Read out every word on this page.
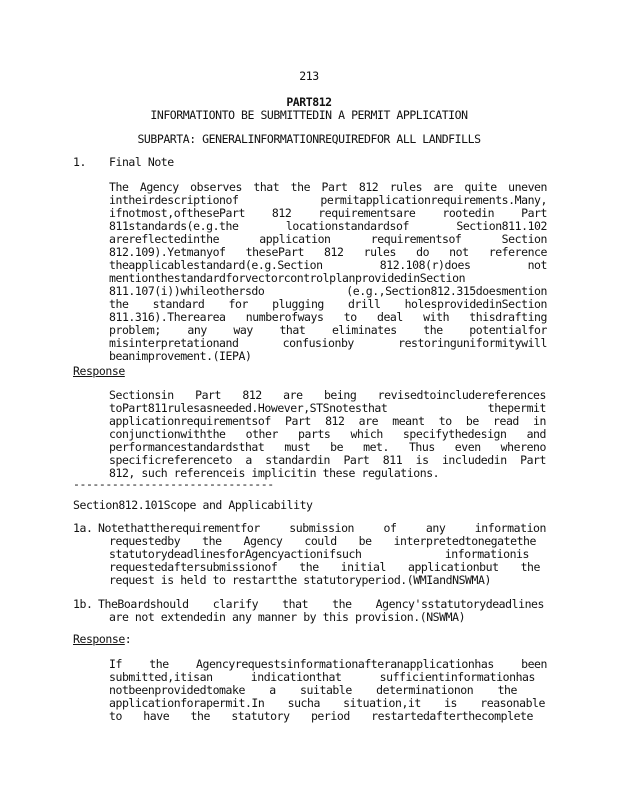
213
PART812
INFORMATIONTO BE SUBMITTEDIN A PERMIT APPLICATION
SUBPARTA: GENERALINFORMATIONREQUIREDFOR ALL LANDFILLS
1. Final Note
The Agency observes that the Part 812 rules are quite uneven
intheirdescriptionof permitapplicationrequirements.Many,
ifnotmost,ofthesePart 812 requirementsare rootedin Part
811standards(e.g.the locationstandardsof Section811.102
arereflectedinthe application requirementsof Section
812.109).Yetmanyof thesePart 812 rules do not reference
theapplicablestandard(e.g.Section 812.108(r)does not
mentionthestandardforvectorcontrolplanprovidedinSection
811.107(i))whileothersdo (e.g.,Section812.315doesmention
the standard for plugging drill holesprovidedinSection
811.316).Therearea numberofways to deal with thisdrafting
problem; any way that eliminates the potentialfor
misinterpretationand confusionby restoringuniformitywill
beanimprovement.(IEPA)
Response
Sectionsin Part 812 are being revisedtoincludereferences
toPart811rulesasneeded.However,STSnotesthat thepermit
applicationrequirementsof Part 812 are meant to be read in
conjunctionwiththe other parts which specifythedesign and
performancestandardsthat must be met. Thus even whereno
specificreferenceto a standardin Part 811 is includedin Part
812, such referenceis implicitin these regulations.
-------------------------------
Section812.101Scope and Applicability
1a. Notethattherequirementfor submission of any information
requestedby the Agency could be interpretedtonegatethe
statutorydeadlinesforAgencyactionifsuch informationis
requestedaftersubmissionof the initial applicationbut the
request is held to restartthe statutoryperiod.(WMIandNSWMA)
1b. TheBoardshould clarify that the Agency'sstatutorydeadlines
are not extendedin any manner by this provision.(NSWMA)
Response:
If the Agencyrequestsinformationafteranapplicationhas been
submitted,itisan indicationthat sufficientinformationhas
notbeenprovidedtomake a suitable determinationon the
applicationforapermit.In sucha situation,it is reasonable
to have the statutory period restartedafterthecomplete
